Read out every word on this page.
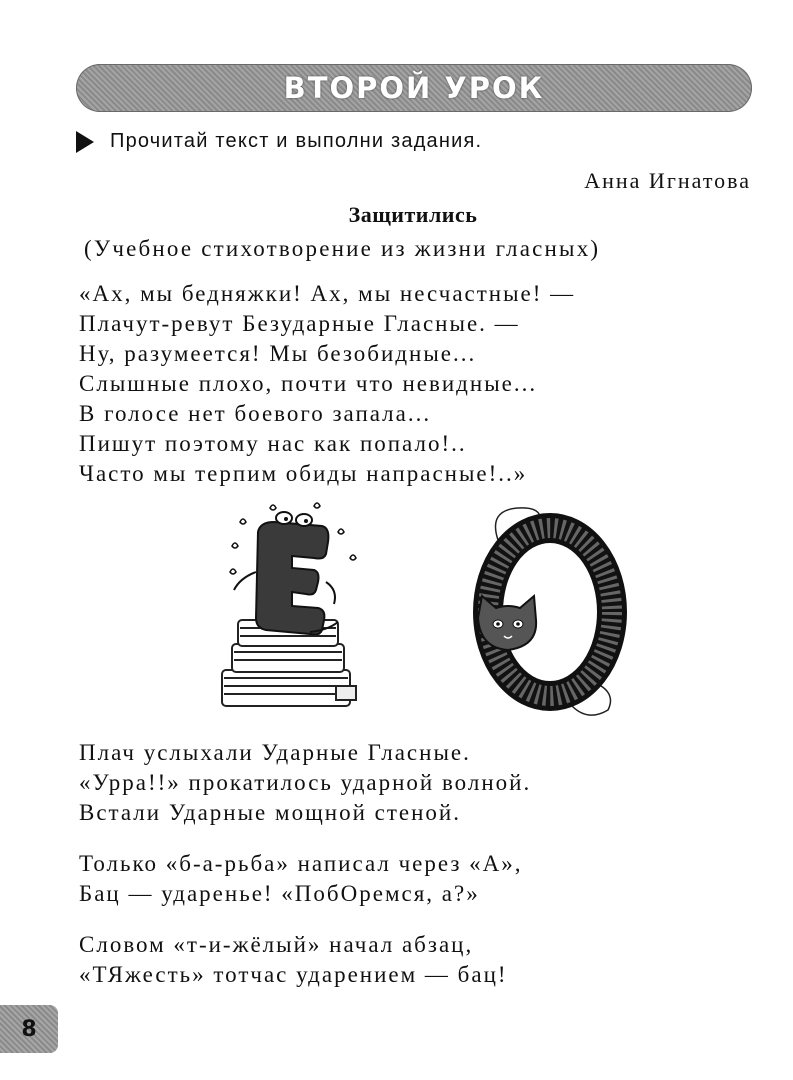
ВТОРОЙ УРОК
Прочитай текст и выполни задания.
Анна Игнатова
Защитились
(Учебное стихотворение из жизни гласных)
«Ах, мы бедняжки! Ах, мы несчастные! —
Плачут-ревут Безударные Гласные. —
Ну, разумеется! Мы безобидные...
Слышные плохо, почти что невидные...
В голосе нет боевого запала...
Пишут поэтому нас как попало!..
Часто мы терпим обиды напрасные!..»
Плач услыхали Ударные Гласные.
«Урра!!» прокатилось ударной волной.
Встали Ударные мощной стеной.
Только «б-а-рьба» написал через «А»,
Бац — ударенье! «ПобОремся, а?»
Словом «т-и-жёлый» начал абзац,
«ТЯжесть» тотчас ударением — бац!
8
